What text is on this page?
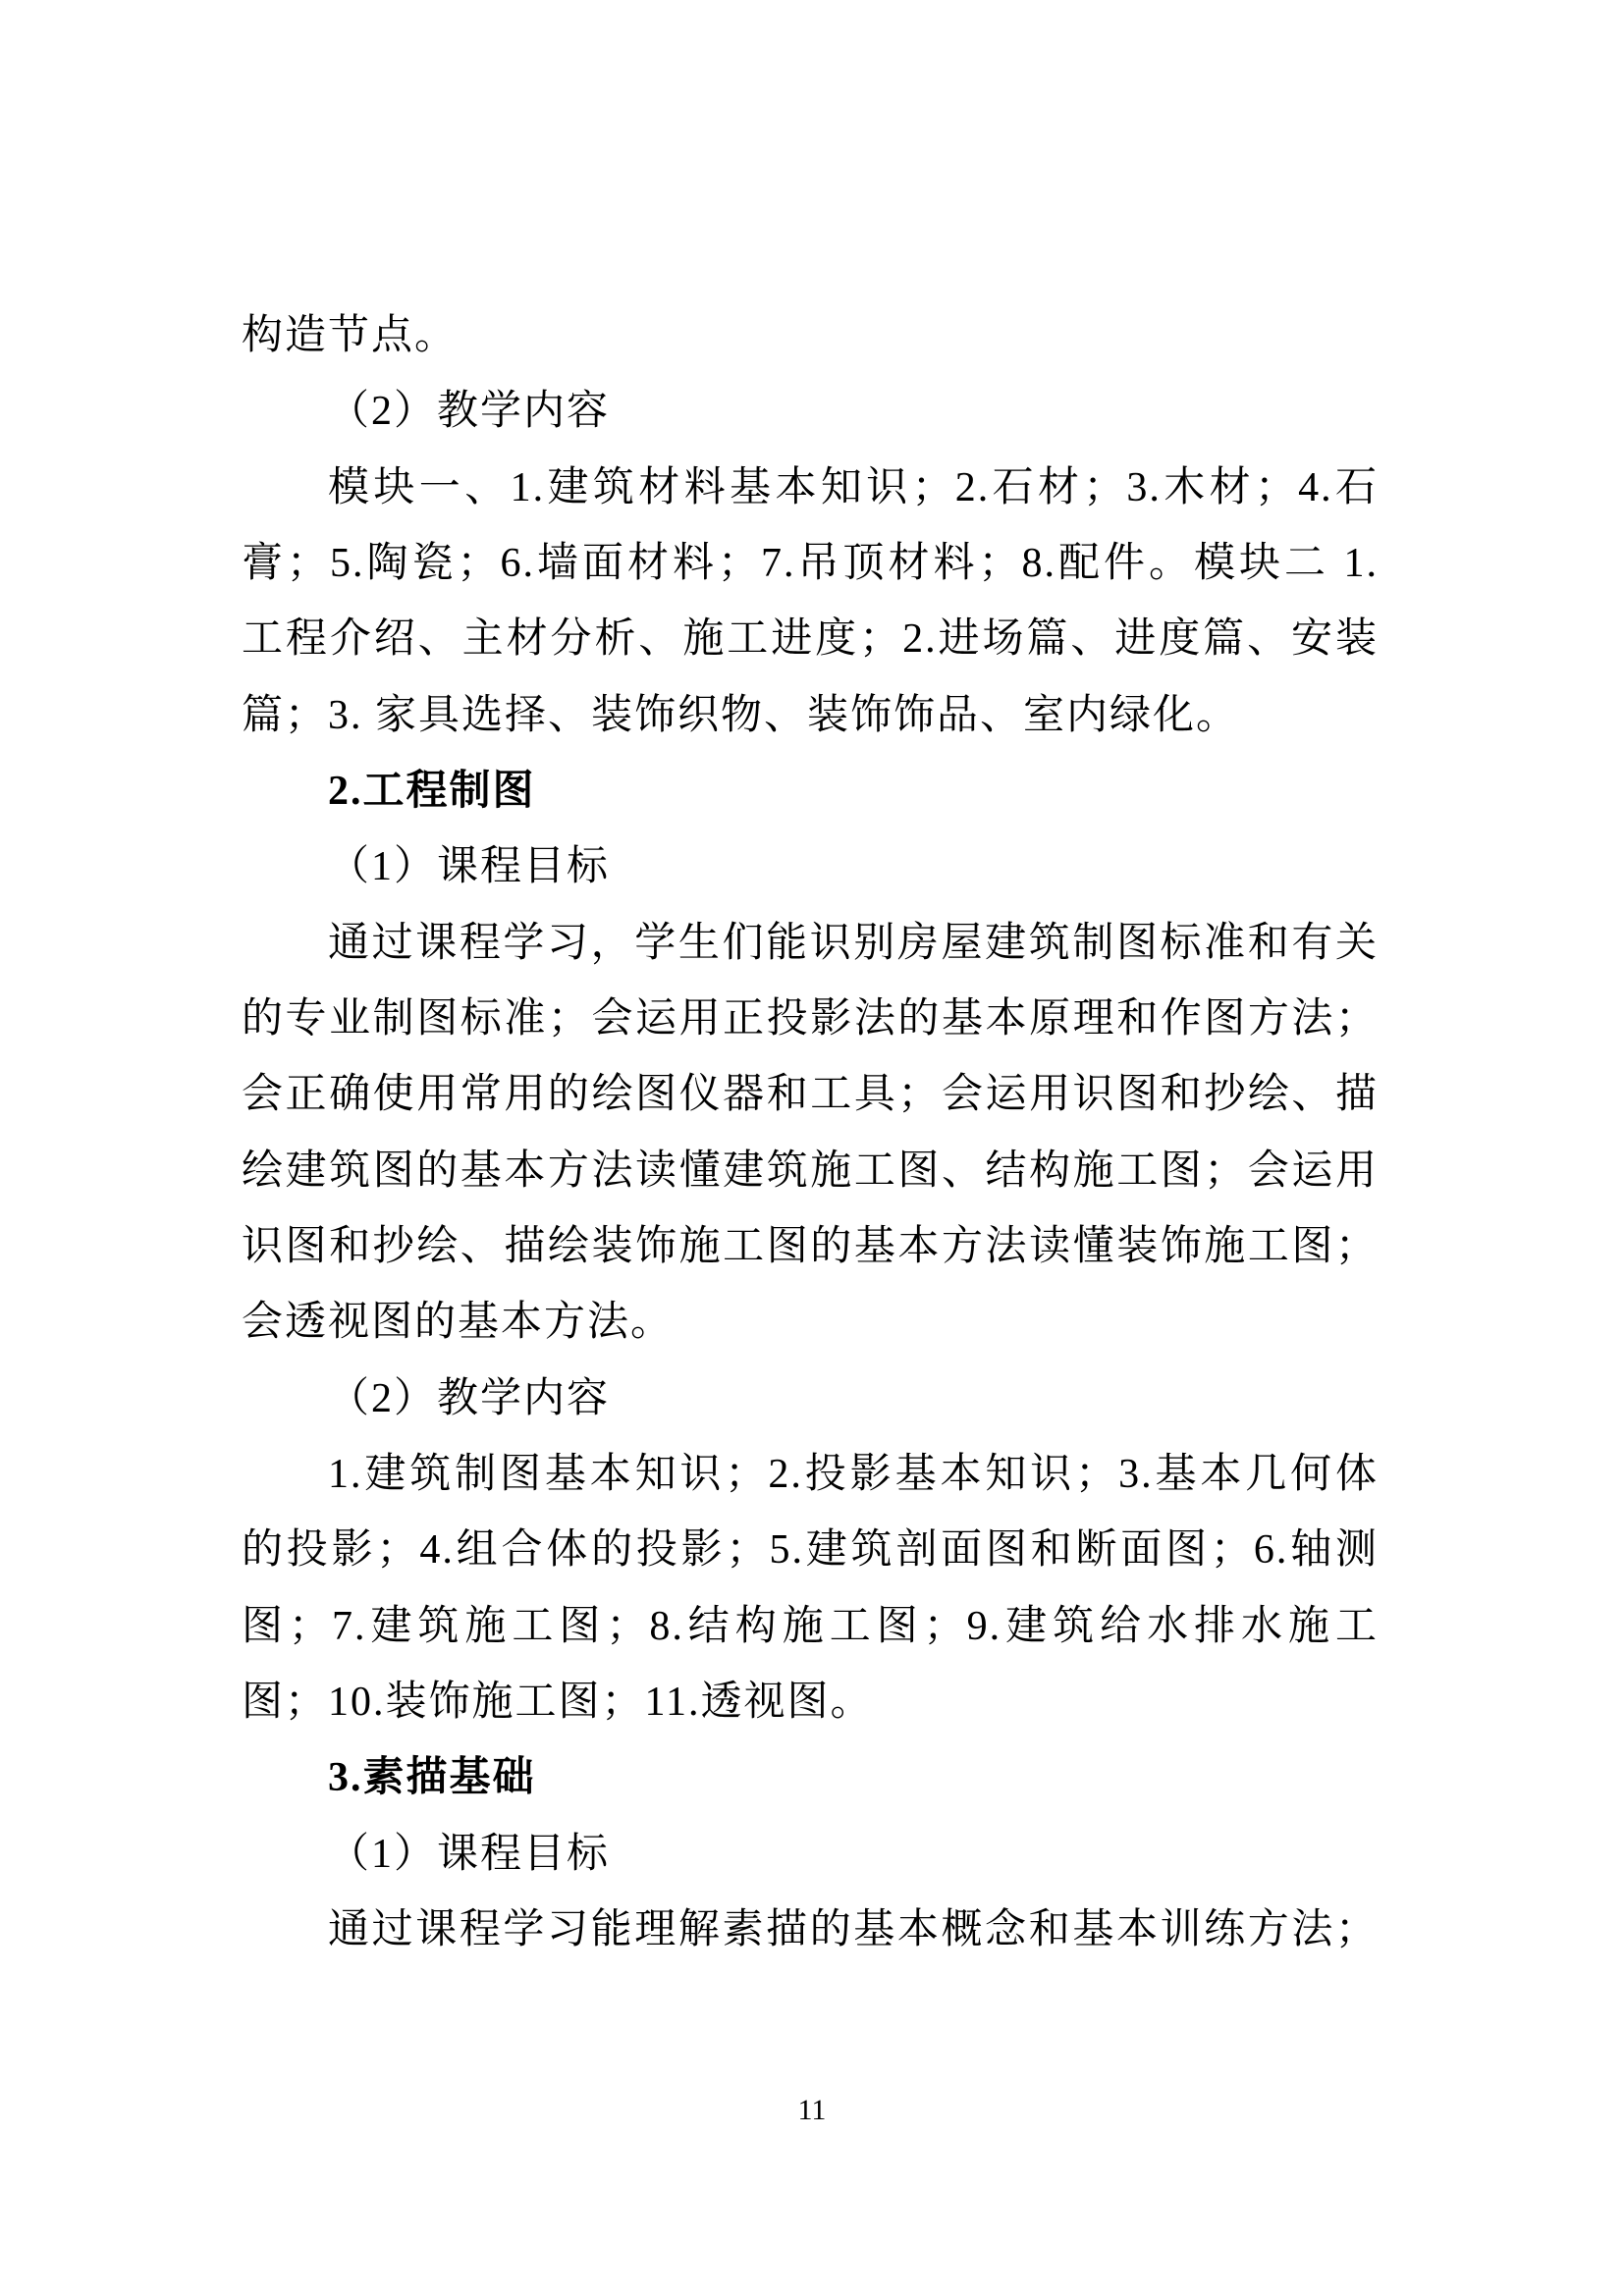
构造节点。
（2）教学内容
模块一、1.建筑材料基本知识；2.石材；3.木材；4.石
膏；5.陶瓷；6.墙面材料；7.吊顶材料；8.配件。模块二 1.
工程介绍、主材分析、施工进度；2.进场篇、进度篇、安装
篇；3. 家具选择、装饰织物、装饰饰品、室内绿化。
2.工程制图
（1）课程目标
通过课程学习，学生们能识别房屋建筑制图标准和有关
的专业制图标准；会运用正投影法的基本原理和作图方法；
会正确使用常用的绘图仪器和工具；会运用识图和抄绘、描
绘建筑图的基本方法读懂建筑施工图、结构施工图；会运用
识图和抄绘、描绘装饰施工图的基本方法读懂装饰施工图；
会透视图的基本方法。
（2）教学内容
1.建筑制图基本知识；2.投影基本知识；3.基本几何体
的投影；4.组合体的投影；5.建筑剖面图和断面图；6.轴测
图；7.建筑施工图；8.结构施工图；9.建筑给水排水施工
图；10.装饰施工图；11.透视图。
3.素描基础
（1）课程目标
通过课程学习能理解素描的基本概念和基本训练方法；
11
